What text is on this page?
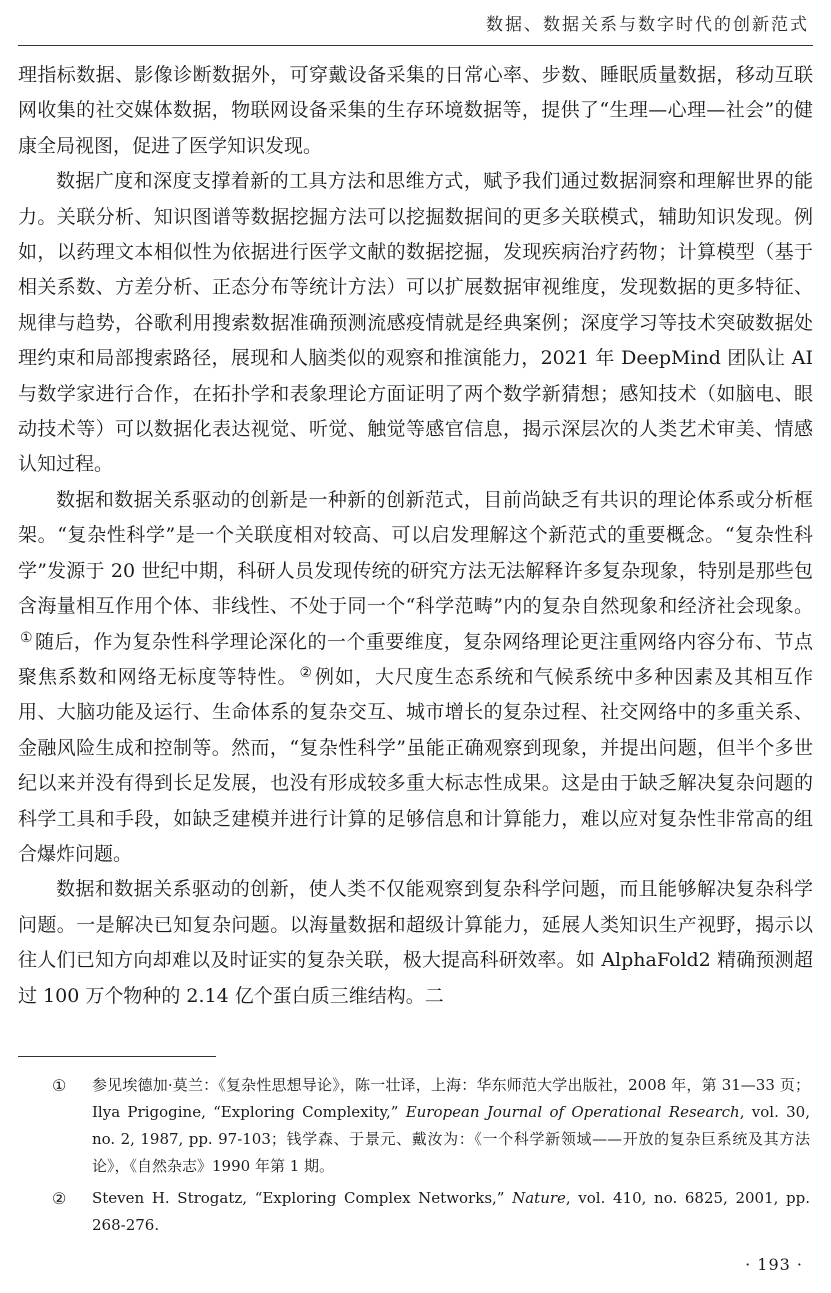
数据、数据关系与数字时代的创新范式

理指标数据、影像诊断数据外，可穿戴设备采集的日常心率、步数、睡眠质量数据，移动互联网收集的社交媒体数据，物联网设备采集的生存环境数据等，提供了“生理—心理—社会”的健康全局视图，促进了医学知识发现。

数据广度和深度支撑着新的工具方法和思维方式，赋予我们通过数据洞察和理解世界的能力。关联分析、知识图谱等数据挖掘方法可以挖掘数据间的更多关联模式，辅助知识发现。例如，以药理文本相似性为依据进行医学文献的数据挖掘，发现疾病治疗药物；计算模型（基于相关系数、方差分析、正态分布等统计方法）可以扩展数据审视维度，发现数据的更多特征、规律与趋势，谷歌利用搜索数据准确预测流感疫情就是经典案例；深度学习等技术突破数据处理约束和局部搜索路径，展现和人脑类似的观察和推演能力，2021 年 DeepMind 团队让 AI 与数学家进行合作，在拓扑学和表象理论方面证明了两个数学新猜想；感知技术（如脑电、眼动技术等）可以数据化表达视觉、听觉、触觉等感官信息，揭示深层次的人类艺术审美、情感认知过程。

数据和数据关系驱动的创新是一种新的创新范式，目前尚缺乏有共识的理论体系或分析框架。“复杂性科学”是一个关联度相对较高、可以启发理解这个新范式的重要概念。“复杂性科学”发源于 20 世纪中期，科研人员发现传统的研究方法无法解释许多复杂现象，特别是那些包含海量相互作用个体、非线性、不处于同一个“科学范畴”内的复杂自然现象和经济社会现象。① 随后，作为复杂性科学理论深化的一个重要维度，复杂网络理论更注重网络内容分布、节点聚焦系数和网络无标度等特性。 ② 例如，大尺度生态系统和气候系统中多种因素及其相互作用、大脑功能及运行、生命体系的复杂交互、城市增长的复杂过程、社交网络中的多重关系、金融风险生成和控制等。然而，“复杂性科学”虽能正确观察到现象，并提出问题，但半个多世纪以来并没有得到长足发展，也没有形成较多重大标志性成果。这是由于缺乏解决复杂问题的科学工具和手段，如缺乏建模并进行计算的足够信息和计算能力，难以应对复杂性非常高的组合爆炸问题。

数据和数据关系驱动的创新，使人类不仅能观察到复杂科学问题，而且能够解决复杂科学问题。一是解决已知复杂问题。以海量数据和超级计算能力，延展人类知识生产视野，揭示以往人们已知方向却难以及时证实的复杂关联，极大提高科研效率。如 AlphaFold2 精确预测超过 100 万个物种的 2.14 亿个蛋白质三维结构。二

① 参见埃德加·莫兰：《复杂性思想导论》，陈一壮译，上海：华东师范大学出版社，2008 年，第 31—33 页；Ilya Prigogine, “Exploring Complexity,” European Journal of Operational Research, vol. 30, no. 2, 1987, pp. 97-103；钱学森、于景元、戴汝为：《一个科学新领域——开放的复杂巨系统及其方法论》，《自然杂志》1990 年第 1 期。
② Steven H. Strogatz, “Exploring Complex Networks,” Nature, vol. 410, no. 6825, 2001, pp. 268-276.
· 193 ·
